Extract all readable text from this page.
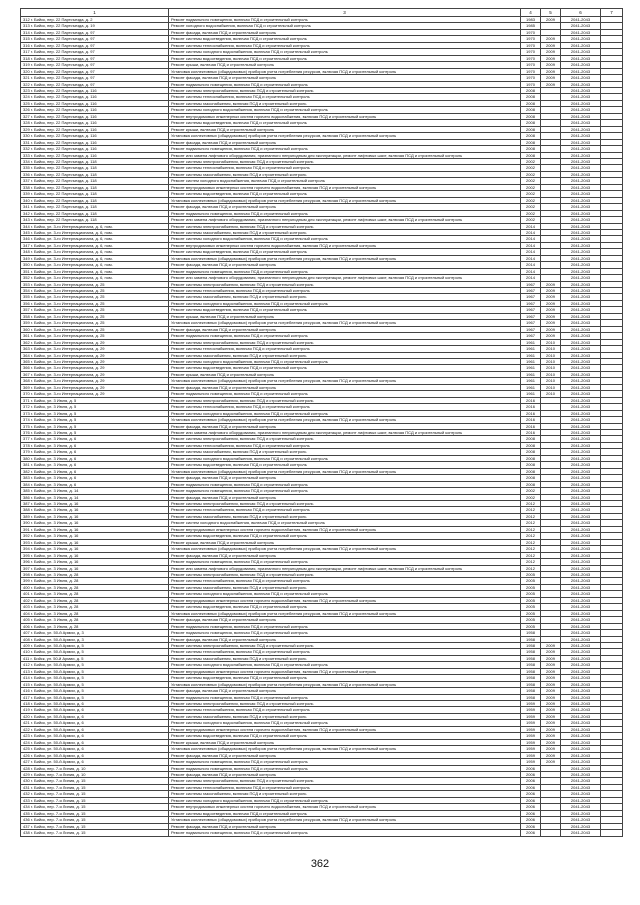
1		3	4	5	6	7
312 г. Бийск, пер. 22 Партсъезда, д. 2		Ремонт подвального помещения, включая ПСД и строительный контроль	1983	2009	2041-2043	
313 г. Бийск, пер. 22 Партсъезда, д. 19		Ремонт холодного водоснабжения, включая ПСД и строительный контроль	1985		2041-2043	
314 г. Бийск, пер. 22 Партсъезда, д. 97		Ремонт фасада, включая ПСД и строительный контроль	1970		2041-2043	
315 г. Бийск, пер. 22 Партсъезда, д. 97		Ремонт системы водоотведения, включая ПСД и строительный контроль	1970	2009	2041-2043	
316 г. Бийск, пер. 22 Партсъезда, д. 97		Ремонт системы теплоснабжения, включая ПСД и строительный контроль	1970	2009	2041-2043	
317 г. Бийск, пер. 22 Партсъезда, д. 97		Ремонт системы холодного водоснабжения, включая ПСД и строительный контроль	1970	2009	2041-2043	
318 г. Бийск, пер. 22 Партсъезда, д. 97		Ремонт системы водоотведения, включая ПСД и строительный контроль	1970	2009	2041-2043	
319 г. Бийск, пер. 22 Партсъезда, д. 97		Ремонт крыши, включая ПСД и строительный контроль	1970	2009	2041-2043	
320 г. Бийск, пер. 22 Партсъезда, д. 97		Установка коллективных (общедомовых) приборов учета потребления ресурсов, включая ПСД и строительный контроль	1970	2009	2041-2043	
321 г. Бийск, пер. 22 Партсъезда, д. 97		Ремонт фасада, включая ПСД и строительный контроль	1970	2009	2041-2043	
322 г. Бийск, пер. 22 Партсъезда, д. 97		Ремонт подвального помещения, включая ПСД и строительный контроль	1970	2009	2041-2043	
323 г. Бийск, пер. 22 Партсъезда, д. 116		Ремонт системы электроснабжения, включая ПСД и строительный контроль	2008		2041-2043	
324 г. Бийск, пер. 22 Партсъезда, д. 116		Ремонт системы теплоснабжения, включая ПСД и строительный контроль	2008		2041-2043	
325 г. Бийск, пер. 22 Партсъезда, д. 116		Ремонт системы газоснабжения, включая ПСД и строительный контроль	2008		2041-2043	
326 г. Бийск, пер. 22 Партсъезда, д. 116		Ремонт системы холодного водоснабжения, включая ПСД и строительный контроль	2008		2041-2043	
327 г. Бийск, пер. 22 Партсъезда, д. 116		Ремонт внутридомовых инженерных систем горячего водоснабжения, включая ПСД и строительный контроль	2008		2041-2043	
328 г. Бийск, пер. 22 Партсъезда, д. 116		Ремонт системы водоотведения, включая ПСД и строительный контроль	2008		2041-2043	
329 г. Бийск, пер. 22 Партсъезда, д. 116		Ремонт крыши, включая ПСД и строительный контроль	2008		2041-2043	
330 г. Бийск, пер. 22 Партсъезда, д. 116		Установка коллективных (общедомовых) приборов учета потребления ресурсов, включая ПСД и строительный контроль	2008		2041-2043	
331 г. Бийск, пер. 22 Партсъезда, д. 116		Ремонт фасада, включая ПСД и строительный контроль	2008		2041-2043	
332 г. Бийск, пер. 22 Партсъезда, д. 116		Ремонт подвального помещения, включая ПСД и строительный контроль	2008		2041-2043	
333 г. Бийск, пер. 22 Партсъезда, д. 116		Ремонт или замена лифтового оборудования, признанного непригодным для эксплуатации, ремонт лифтовых шахт, включая ПСД и строительный контроль	2008		2041-2043	
334 г. Бийск, пер. 22 Партсъезда, д. 118		Ремонт системы электроснабжения, включая ПСД и строительный контроль	2002		2041-2043	
335 г. Бийск, пер. 22 Партсъезда, д. 118		Ремонт системы теплоснабжения, включая ПСД и строительный контроль	2002		2041-2043	
336 г. Бийск, пер. 22 Партсъезда, д. 118		Ремонт системы газоснабжения, включая ПСД и строительный контроль	2002		2041-2043	
337 г. Бийск, пер. 22 Партсъезда, д. 118		Ремонт систем холодного водоснабжения, включая ПСД и строительный контроль	2002		2041-2043	
338 г. Бийск, пер. 22 Партсъезда, д. 118		Ремонт внутридомовых инженерных систем горячего водоснабжения, включая ПСД и строительный контроль	2002		2041-2043	
339 г. Бийск, пер. 22 Партсъезда, д. 118		Ремонт системы водоотведения, включая ПСД и строительный контроль	2002		2041-2043	
340 г. Бийск, пер. 22 Партсъезда, д. 118		Установка коллективных (общедомовых) приборов учета потребления ресурсов, включая ПСД и строительный контроль	2002		2041-2043	
341 г. Бийск, пер. 22 Партсъезда, д. 118		Ремонт фасада, включая ПСД и строительный контроль	2002		2041-2043	
342 г. Бийск, пер. 22 Партсъезда, д. 118		Ремонт подвального помещения, включая ПСД и строительный контроль	2002		2041-2043	
343 г. Бийск, пер. 22 Партсъезда, д. 118		Ремонт или замена лифтового оборудования, признанного непригодным для эксплуатации, ремонт лифтовых шахт, включая ПСД и строительный контроль	2002		2041-2043	
344 г. Бийск, ул. 3-го Интернационала, д. 6, пом.		Ремонт системы электроснабжения, включая ПСД и строительный контроль	2014		2041-2043	
345 г. Бийск, ул. 3-го Интернационала, д. 6, пом.		Ремонт системы газоснабжения, включая ПСД и строительный контроль	2014		2041-2043	
346 г. Бийск, ул. 3-го Интернационала, д. 6, пом.		Ремонт системы холодного водоснабжения, включая ПСД и строительный контроль	2014		2041-2043	
347 г. Бийск, ул. 3-го Интернационала, д. 6, пом.		Ремонт внутридомовых инженерных систем горячего водоснабжения, включая ПСД и строительный контроль	2014		2041-2043	
348 г. Бийск, ул. 3-го Интернационала, д. 6, пом.		Ремонт системы водоотведения, включая ПСД и строительный контроль	2014		2041-2043	
349 г. Бийск, ул. 3-го Интернационала, д. 6, пом.		Установка коллективных (общедомовых) приборов учета потребления ресурсов, включая ПСД и строительный контроль	2014		2041-2043	
350 г. Бийск, ул. 3-го Интернационала, д. 6, пом.		Ремонт фасада, включая ПСД и строительный контроль	2014		2041-2043	
351 г. Бийск, ул. 3-го Интернационала, д. 6, пом.		Ремонт подвального помещения, включая ПСД и строительный контроль	2014		2041-2043	
352 г. Бийск, ул. 3-го Интернационала, д. 6, пом.		Ремонт или замена лифтового оборудования, признанного непригодным для эксплуатации, ремонт лифтовых шахт, включая ПСД и строительный контроль	2014		2041-2043	
353 г. Бийск, ул. 3-го Интернационала, д. 25		Ремонт системы электроснабжения, включая ПСД и строительный контроль	1967	2009	2041-2043	
354 г. Бийск, ул. 3-го Интернационала, д. 25		Ремонт системы теплоснабжения, включая ПСД и строительный контроль	1967	2009	2041-2043	
355 г. Бийск, ул. 3-го Интернационала, д. 25		Ремонт системы газоснабжения, включая ПСД и строительный контроль	1967	2009	2041-2043	
356 г. Бийск, ул. 3-го Интернационала, д. 25		Ремонт системы холодного водоснабжения, включая ПСД и строительный контроль	1967	2009	2041-2043	
357 г. Бийск, ул. 3-го Интернационала, д. 25		Ремонт системы водоотведения, включая ПСД и строительный контроль	1967	2009	2041-2043	
358 г. Бийск, ул. 3-го Интернационала, д. 25		Ремонт крыши, включая ПСД и строительный контроль	1967	2009	2041-2043	
359 г. Бийск, ул. 3-го Интернационала, д. 25		Установка коллективных (общедомовых) приборов учета потребления ресурсов, включая ПСД и строительный контроль	1967	2009	2041-2043	
360 г. Бийск, ул. 3-го Интернационала, д. 25		Ремонт фасада, включая ПСД и строительный контроль	1967	2009	2041-2043	
361 г. Бийск, ул. 3-го Интернационала, д. 25		Ремонт подвального помещения, включая ПСД и строительный контроль	1967	2009	2041-2043	
362 г. Бийск, ул. 3-го Интернационала, д. 29		Ремонт системы электроснабжения, включая ПСД и строительный контроль	1961	2010	2041-2043	
363 г. Бийск, ул. 3-го Интернационала, д. 29		Ремонт системы теплоснабжения, включая ПСД и строительный контроль	1961	2010	2041-2043	
364 г. Бийск, ул. 3-го Интернационала, д. 29		Ремонт системы газоснабжения, включая ПСД и строительный контроль	1961	2010	2041-2043	
365 г. Бийск, ул. 3-го Интернационала, д. 29		Ремонт системы холодного водоснабжения, включая ПСД и строительный контроль	1961	2010	2041-2043	
366 г. Бийск, ул. 3-го Интернационала, д. 29		Ремонт системы водоотведения, включая ПСД и строительный контроль	1961	2010	2041-2043	
367 г. Бийск, ул. 3-го Интернационала, д. 29		Ремонт крыши, включая ПСД и строительный контроль	1961	2010	2041-2043	
368 г. Бийск, ул. 3-го Интернационала, д. 29		Установка коллективных (общедомовых) приборов учета потребления ресурсов, включая ПСД и строительный контроль	1961	2010	2041-2043	
369 г. Бийск, ул. 3-го Интернационала, д. 29		Ремонт фасада, включая ПСД и строительный контроль	1961	2010	2041-2043	
370 г. Бийск, ул. 3-го Интернационала, д. 29		Ремонт подвального помещения, включая ПСД и строительный контроль	1961	2010	2041-2043	
371 г. Бийск, ул. 3 Июля, д. 5		Ремонт системы электроснабжения, включая ПСД и строительный контроль	2016		2041-2043	
372 г. Бийск, ул. 3 Июля, д. 5		Ремонт системы теплоснабжения, включая ПСД и строительный контроль	2016		2041-2043	
373 г. Бийск, ул. 3 Июля, д. 5		Ремонт системы холодного водоснабжения, включая ПСД и строительный контроль	2016		2041-2043	
374 г. Бийск, ул. 3 Июля, д. 5		Установка коллективных (общедомовых) приборов учета потребления ресурсов, включая ПСД и строительный контроль	2016		2041-2043	
375 г. Бийск, ул. 3 Июля, д. 5		Ремонт фасада, включая ПСД и строительный контроль	2016		2041-2043	
376 г. Бийск, ул. 3 Июля, д. 5		Ремонт или замена лифтового оборудования, признанного непригодным для эксплуатации, ремонт лифтовых шахт, включая ПСД и строительный контроль	2016		2041-2043	
377 г. Бийск, ул. 3 Июля, д. 6		Ремонт системы электроснабжения, включая ПСД и строительный контроль	2008		2041-2043	
378 г. Бийск, ул. 3 Июля, д. 6		Ремонт системы теплоснабжения, включая ПСД и строительный контроль	2008		2041-2043	
379 г. Бийск, ул. 3 Июля, д. 6		Ремонт системы газоснабжения, включая ПСД и строительный контроль	2008		2041-2043	
380 г. Бийск, ул. 3 Июля, д. 6		Ремонт системы холодного водоснабжения, включая ПСД и строительный контроль	2008		2041-2043	
381 г. Бийск, ул. 3 Июля, д. 6		Ремонт системы водоотведения, включая ПСД и строительный контроль	2008		2041-2043	
382 г. Бийск, ул. 3 Июля, д. 6		Установка коллективных (общедомовых) приборов учета потребления ресурсов, включая ПСД и строительный контроль	2008		2041-2043	
383 г. Бийск, ул. 3 Июля, д. 6		Ремонт фасада, включая ПСД и строительный контроль	2008		2041-2043	
384 г. Бийск, ул. 3 Июля, д. 6		Ремонт подвального помещения, включая ПСД и строительный контроль	2008		2041-2043	
385 г. Бийск, ул. 3 Июля, д. 14		Ремонт подвального помещения, включая ПСД и строительный контроль	2002		2041-2043	
386 г. Бийск, ул. 3 Июля, д. 14		Ремонт фасада, включая ПСД и строительный контроль	2002		2041-2043	
387 г. Бийск, ул. 3 Июля, д. 16		Ремонт системы электроснабжения, включая ПСД и строительный контроль	2012		2041-2043	
388 г. Бийск, ул. 3 Июля, д. 16		Ремонт системы теплоснабжения, включая ПСД и строительный контроль	2012		2041-2043	
389 г. Бийск, ул. 3 Июля, д. 16		Ремонт системы газоснабжения, включая ПСД и строительный контроль	2012		2041-2043	
390 г. Бийск, ул. 3 Июля, д. 16		Ремонт систем холодного водоснабжения, включая ПСД и строительный контроль	2012		2041-2043	
391 г. Бийск, ул. 3 Июля, д. 16		Ремонт внутридомовых инженерных систем горячего водоснабжения, включая ПСД и строительный контроль	2012		2041-2043	
392 г. Бийск, ул. 3 Июля, д. 16		Ремонт системы водоотведения, включая ПСД и строительный контроль	2012		2041-2043	
393 г. Бийск, ул. 3 Июля, д. 16		Ремонт крыши, включая ПСД и строительный контроль	2012		2041-2043	
394 г. Бийск, ул. 3 Июля, д. 16		Установка коллективных (общедомовых) приборов учета потребления ресурсов, включая ПСД и строительный контроль	2012		2041-2043	
395 г. Бийск, ул. 3 Июля, д. 16		Ремонт фасада, включая ПСД и строительный контроль	2012		2041-2043	
396 г. Бийск, ул. 3 Июля, д. 16		Ремонт подвального помещения, включая ПСД и строительный контроль	2012		2041-2043	
397 г. Бийск, ул. 3 Июля, д. 16		Ремонт или замена лифтового оборудования, признанного непригодным для эксплуатации, ремонт лифтовых шахт, включая ПСД и строительный контроль	2012		2041-2043	
398 г. Бийск, ул. 3 Июля, д. 28		Ремонт системы электроснабжения, включая ПСД и строительный контроль	2005		2041-2043	
399 г. Бийск, ул. 3 Июля, д. 28		Ремонт системы теплоснабжения, включая ПСД и строительный контроль	2005		2041-2043	
400 г. Бийск, ул. 3 Июля, д. 28		Ремонт системы газоснабжения, включая ПСД и строительный контроль	2005		2041-2043	
401 г. Бийск, ул. 3 Июля, д. 28		Ремонт системы холодного водоснабжения, включая ПСД и строительный контроль	2005		2041-2043	
402 г. Бийск, ул. 3 Июля, д. 28		Ремонт внутридомовых инженерных систем горячего водоснабжения, включая ПСД и строительный контроль	2005		2041-2043	
403 г. Бийск, ул. 3 Июля, д. 28		Ремонт системы водоотведения, включая ПСД и строительный контроль	2005		2041-2043	
404 г. Бийск, ул. 3 Июля, д. 28		Установка коллективных (общедомовых) приборов учета потребления ресурсов, включая ПСД и строительный контроль	2005		2041-2043	
405 г. Бийск, ул. 3 Июля, д. 28		Ремонт фасада, включая ПСД и строительный контроль	2005		2041-2043	
406 г. Бийск, ул. 3 Июля, д. 28		Ремонт подвального помещения, включая ПСД и строительный контроль	2005		2041-2043	
407 г. Бийск, ул. 50-й Армии, д. 3		Ремонт подвального помещения, включая ПСД и строительный контроль	1958		2041-2043	
408 г. Бийск, ул. 50-й Армии, д. 3		Ремонт фасада, включая ПСД и строительный контроль	1958		2041-2043	
409 г. Бийск, ул. 50-й Армии, д. 5		Ремонт системы электроснабжения, включая ПСД и строительный контроль	1958	2009	2041-2043	
410 г. Бийск, ул. 50-й Армии, д. 5		Ремонт системы теплоснабжения, включая ПСД и строительный контроль	1958	2009	2041-2043	
411 г. Бийск, ул. 50-й Армии, д. 5		Ремонт системы газоснабжения, включая ПСД и строительный контроль	1958	2009	2041-2043	
412 г. Бийск, ул. 50-й Армии, д. 5		Ремонт системы холодного водоснабжения, включая ПСД и строительный контроль	1958	2009	2041-2043	
413 г. Бийск, ул. 50-й Армии, д. 5		Ремонт внутридомовых инженерных систем горячего водоснабжения, включая ПСД и строительный контроль	1958	2009	2041-2043	
414 г. Бийск, ул. 50-й Армии, д. 5		Ремонт системы водоотведения, включая ПСД и строительный контроль	1958	2009	2041-2043	
415 г. Бийск, ул. 50-й Армии, д. 5		Установка коллективных (общедомовых) приборов учета потребления ресурсов, включая ПСД и строительный контроль	1958	2009	2041-2043	
416 г. Бийск, ул. 50-й Армии, д. 5		Ремонт фасада, включая ПСД и строительный контроль	1958	2009	2041-2043	
417 г. Бийск, ул. 50-й Армии, д. 5		Ремонт подвального помещения, включая ПСД и строительный контроль	1958	2009	2041-2043	
418 г. Бийск, ул. 50-й Армии, д. 6		Ремонт системы электроснабжения, включая ПСД и строительный контроль	1959	2009	2041-2043	
419 г. Бийск, ул. 50-й Армии, д. 6		Ремонт системы теплоснабжения, включая ПСД и строительный контроль	1959	2009	2041-2043	
420 г. Бийск, ул. 50-й Армии, д. 6		Ремонт системы газоснабжения, включая ПСД и строительный контроль	1959	2009	2041-2043	
421 г. Бийск, ул. 50-й Армии, д. 6		Ремонт системы холодного водоснабжения, включая ПСД и строительный контроль	1959	2009	2041-2043	
422 г. Бийск, ул. 50-й Армии, д. 6		Ремонт внутридомовых инженерных систем горячего водоснабжения, включая ПСД и строительный контроль	1959	2009	2041-2043	
423 г. Бийск, ул. 50-й Армии, д. 6		Ремонт системы водоотведения, включая ПСД и строительный контроль	1959	2009	2041-2043	
424 г. Бийск, ул. 50-й Армии, д. 6		Ремонт крыши, включая ПСД и строительный контроль	1959	2009	2041-2043	
425 г. Бийск, ул. 50-й Армии, д. 6		Установка коллективных (общедомовых) приборов учета потребления ресурсов, включая ПСД и строительный контроль	1959	2009	2041-2043	
426 г. Бийск, ул. 50-й Армии, д. 6		Ремонт фасада, включая ПСД и строительный контроль	1959	2009	2041-2043	
427 г. Бийск, ул. 50-й Армии, д. 6		Ремонт подвального помещения, включая ПСД и строительный контроль	1959	2009	2041-2043	
428 г. Бийск, пер. 7-я Линия, д. 10		Ремонт подвального помещения, включая ПСД и строительный контроль	2006		2041-2043	
429 г. Бийск, пер. 7-я Линия, д. 10		Ремонт фасада, включая ПСД и строительный контроль	2006		2041-2043	
430 г. Бийск, пер. 7-я Линия, д. 15		Ремонт системы электроснабжения, включая ПСД и строительный контроль	2006		2041-2043	
431 г. Бийск, пер. 7-я Линия, д. 15		Ремонт системы теплоснабжения, включая ПСД и строительный контроль	2006		2041-2043	
432 г. Бийск, пер. 7-я Линия, д. 15		Ремонт системы газоснабжения, включая ПСД и строительный контроль	2006		2041-2043	
433 г. Бийск, пер. 7-я Линия, д. 15		Ремонт системы холодного водоснабжения, включая ПСД и строительный контроль	2006		2041-2043	
434 г. Бийск, пер. 7-я Линия, д. 15		Ремонт внутридомовых инженерных систем горячего водоснабжения, включая ПСД и строительный контроль	2006		2041-2043	
435 г. Бийск, пер. 7-я Линия, д. 15		Ремонт системы водоотведения, включая ПСД и строительный контроль	2006		2041-2043	
436 г. Бийск, пер. 7-я Линия, д. 15		Установка коллективных (общедомовых) приборов учета потребления ресурсов, включая ПСД и строительный контроль	2006		2041-2043	
437 г. Бийск, пер. 7-я Линия, д. 15		Ремонт фасада, включая ПСД и строительный контроль	2006		2041-2043	
438 г. Бийск, пер. 7-я Линия, д. 15		Ремонт подвального помещения, включая ПСД и строительный контроль	2006		2041-2043	
362
